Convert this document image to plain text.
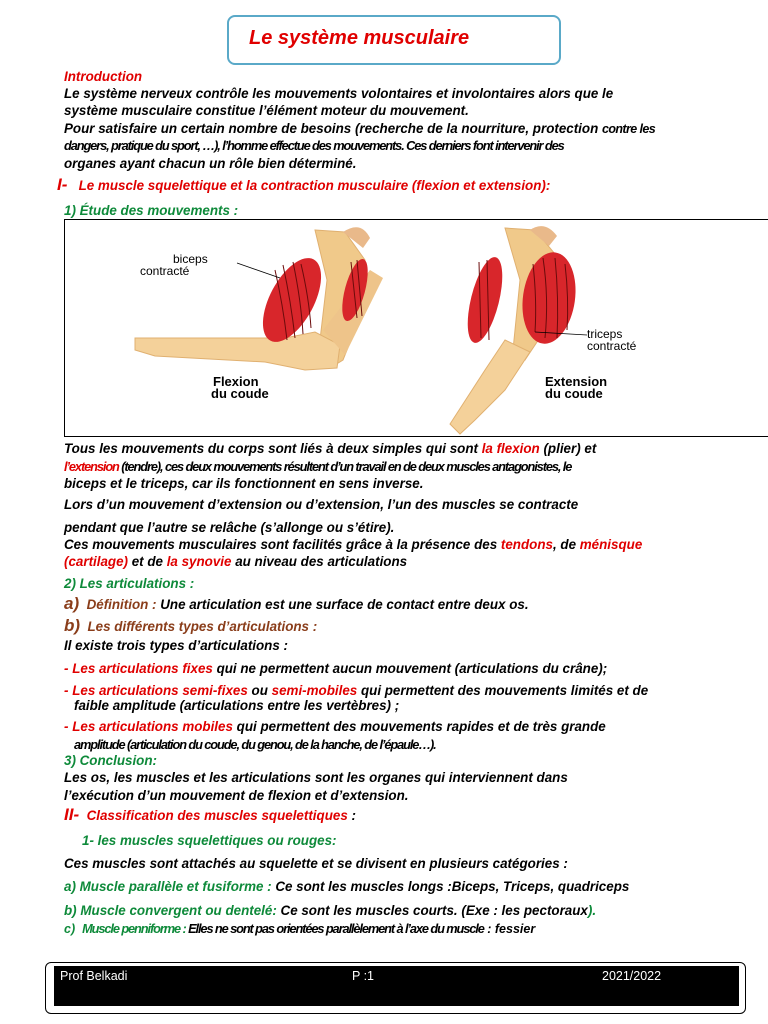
Le système musculaire
Introduction
Le système nerveux contrôle les mouvements volontaires et involontaires alors que le
système musculaire constitue l’élément moteur du mouvement.
Pour satisfaire un certain nombre de besoins (recherche de la nourriture, protection contre les
dangers, pratique du sport, …), l’homme effectue des mouvements. Ces derniers font intervenir des
organes ayant chacun un rôle bien déterminé.
I- Le muscle squelettique et la contraction musculaire (flexion et extension):
1) Étude des mouvements :
biceps
contracté
triceps
contracté
Flexion
du coude
Extension
du coude
Tous les mouvements du corps sont liés à deux simples qui sont la flexion (plier) et
l’extension (tendre), ces deux mouvements résultent d’un travail en de deux muscles antagonistes, le
biceps et le triceps, car ils fonctionnent en sens inverse.
Lors d’un mouvement d’extension ou d’extension, l’un des muscles se contracte
pendant que l’autre se relâche (s’allonge ou s’étire).
Ces mouvements musculaires sont facilités grâce à la présence des tendons, de ménisque
(cartilage) et de la synovie au niveau des articulations
2) Les articulations :
a) Définition : Une articulation est une surface de contact entre deux os.
b) Les différents types d’articulations :
Il existe trois types d’articulations :
- Les articulations fixes qui ne permettent aucun mouvement (articulations du crâne);
- Les articulations semi-fixes ou semi-mobiles qui permettent des mouvements limités et de
faible amplitude (articulations entre les vertèbres) ;
- Les articulations mobiles qui permettent des mouvements rapides et de très grande
amplitude (articulation du coude, du genou, de la hanche, de l’épaule…).
3) Conclusion:
Les os, les muscles et les articulations sont les organes qui interviennent dans
l’exécution d’un mouvement de flexion et d’extension.
II- Classification des muscles squelettiques :
1- les muscles squelettiques ou rouges:
Ces muscles sont attachés au squelette et se divisent en plusieurs catégories :
a) Muscle parallèle et fusiforme : Ce sont les muscles longs :Biceps, Triceps, quadriceps
b) Muscle convergent ou dentelé: Ce sont les muscles courts. (Exe : les pectoraux).
c) Muscle penniforme : Elles ne sont pas orientées parallèlement à l’axe du muscle : fessier
Prof Belkadi	P :1	2021/2022
